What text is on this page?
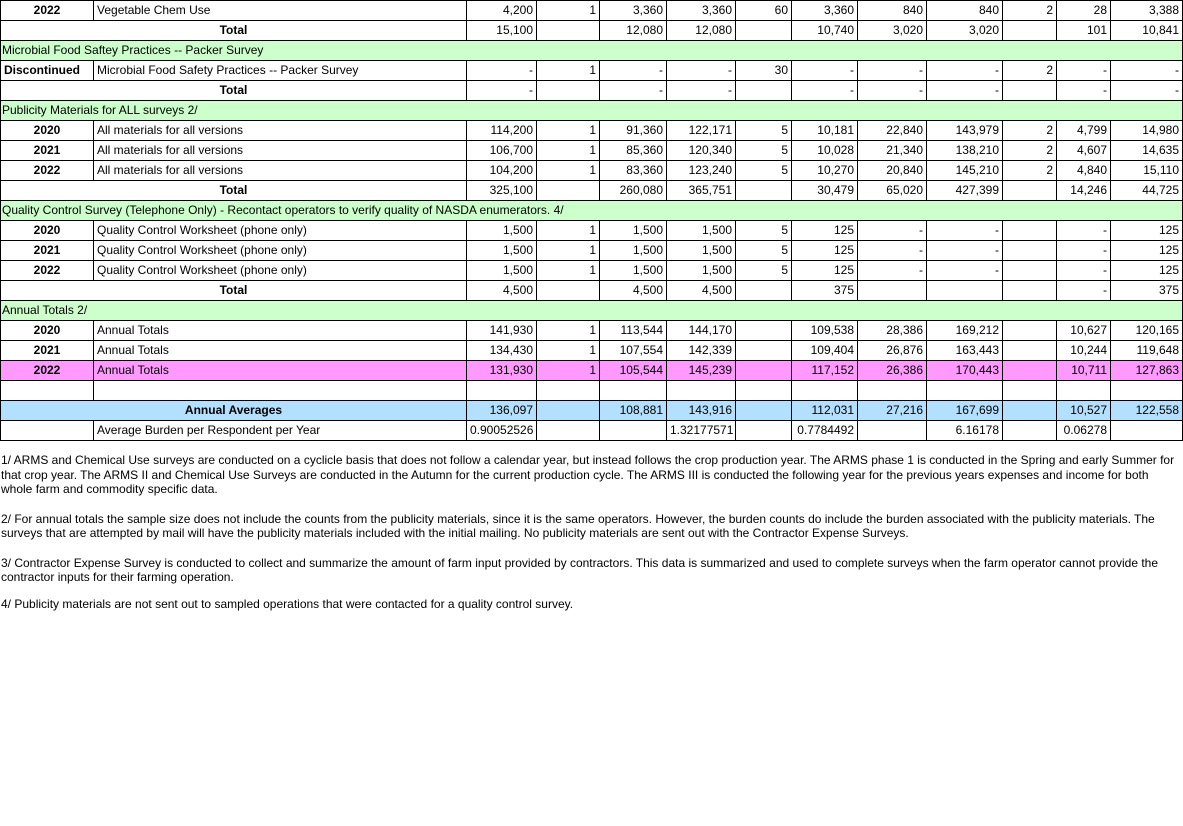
2022	Vegetable Chem Use	4,200	1	3,360	3,360	60	3,360	840	840	2	28	3,388
Total		15,100		12,080	12,080		10,740	3,020	3,020		101	10,841
Microbial Food Saftey Practices -- Packer Survey												
Discontinued	Microbial Food Safety Practices -- Packer Survey	-	1	-	-	30	-	-	-	2	-	-
Total		-		-	-		-	-	-		-	-
Publicity Materials for ALL surveys 2/												
2020	All materials for all versions	114,200	1	91,360	122,171	5	10,181	22,840	143,979	2	4,799	14,980
2021	All materials for all versions	106,700	1	85,360	120,340	5	10,028	21,340	138,210	2	4,607	14,635
2022	All materials for all versions	104,200	1	83,360	123,240	5	10,270	20,840	145,210	2	4,840	15,110
Total		325,100		260,080	365,751		30,479	65,020	427,399		14,246	44,725
Quality Control Survey (Telephone Only) - Recontact operators to verify quality of NASDA enumerators. 4/												
2020	Quality Control Worksheet (phone only)	1,500	1	1,500	1,500	5	125	-	-		-	125
2021	Quality Control Worksheet (phone only)	1,500	1	1,500	1,500	5	125	-	-		-	125
2022	Quality Control Worksheet (phone only)	1,500	1	1,500	1,500	5	125	-	-		-	125
Total		4,500		4,500	4,500		375				-	375
Annual Totals 2/												
2020	Annual Totals	141,930	1	113,544	144,170		109,538	28,386	169,212		10,627	120,165
2021	Annual Totals	134,430	1	107,554	142,339		109,404	26,876	163,443		10,244	119,648
2022	Annual Totals	131,930	1	105,544	145,239		117,152	26,386	170,443		10,711	127,863

Annual Averages		136,097		108,881	143,916		112,031	27,216	167,699		10,527	122,558
	Average Burden per Respondent per Year	0.90052526			1.32177571		0.7784492		6.16178		0.06278	

1/ ARMS and Chemical Use surveys are conducted on a cyclicle basis that does not follow a calendar year, but instead follows the crop production year. The ARMS phase 1 is conducted in the Spring and early Summer for that crop year. The ARMS II and Chemical Use Surveys are conducted in the Autumn for the current production cycle. The ARMS III is conducted the following year for the previous years expenses and income for both whole farm and commodity specific data.

2/ For annual totals the sample size does not include the counts from the publicity materials, since it is the same operators. However, the burden counts do include the burden associated with the publicity materials. The surveys that are attempted by mail will have the publicity materials included with the initial mailing. No publicity materials are sent out with the Contractor Expense Surveys.

3/ Contractor Expense Survey is conducted to collect and summarize the amount of farm input provided by contractors. This data is summarized and used to complete surveys when the farm operator cannot provide the contractor inputs for their farming operation.

4/ Publicity materials are not sent out to sampled operations that were contacted for a quality control survey.
